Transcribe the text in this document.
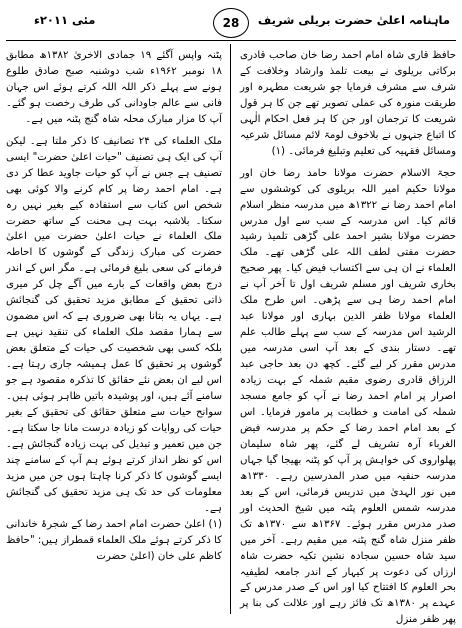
ماہنامہ اعلیٰ حضرت بریلی شریف
28
مئی ۲۰۱۱ء

حافظ قاری شاہ امام احمد رضا خان صاحب قادری برکاتی بریلوی نے بیعت تلمذ وارشاد وخلافت کے شرف سے مشرف فرمایا جو شریعت مطہرہ اور طریقت منورہ کی عملی تصویر تھے جن کا ہر قول شریعت کا ترجمان اور جن کا ہر فعل احکام الٰہی کا اتباع جنہوں نے بلاخوف لومۃ لائم مسائل شرعیہ ومسائل فقہیہ کی تعلیم وتبلیغ فرمائی۔ (۱)

حجۃ الاسلام حضرت مولانا حامد رضا خان اور مولانا حکیم امیر اللہ بریلوی کی کوششوں سے امام احمد رضا نے ۱۳۲۲ھ میں مدرسہ منظر اسلام قائم کیا۔ اس مدرسہ کے سب سے اول مدرس حضرت مولانا بشیر احمد علی گڑھی تلمیذ رشید حضرت مفتی لطف اللہ علی گڑھی تھے۔ ملک العلماء نے ان ہی سے اکتساب فیض کیا۔ پھر صحیح بخاری شریف اور مسلم شریف اول تا آخر آپ نے امام احمد رضا ہی سے پڑھی۔ اس طرح ملک العلماء مولانا ظفر الدین بہاری اور مولانا عبد الرشید اس مدرسہ کے سب سے پہلے طالب علم تھے۔ دستار بندی کے بعد آپ اسی مدرسہ میں مدرس مقرر کر لیے گئے۔ کچھ دن بعد حاجی عبد الرزاق قادری رضوی مقیم شملہ کے بہت زیادہ اصرار پر امام احمد رضا نے آپ کو جامع مسجد شملہ کی امامت و خطابت پر مامور فرمایا۔ اس کے بعد امام احمد رضا کے حکم پر مدرسہ فیض الغرباء آرہ تشریف لے گئے، پھر شاہ سلیمان پھلواروی کی خواہش پر آپ کو پٹنہ بھیجا گیا جہاں مدرسہ حنفیہ میں صدر المدرسین رہے۔ ۱۳۳۰ھ میں نور الہدیٰ میں تدریس فرمائی، اس کے بعد مدرسہ شمس العلوم پٹنہ میں شیخ الحدیث اور صدر مدرس مقرر ہوئے۔ ۱۳۶۷ھ سے ۱۳۷۰ھ تک ظفر منزل شاہ گنج پٹنہ میں مقیم رہے۔ آخر میں سید شاہ حسین سجادہ نشین تکیہ حضرت شاہ ارزاں کی دعوت پر کیہار کے اندر جامعہ لطیفیہ بحر العلوم کا افتتاح کیا اور اس کے صدر مدرس کے عہدے پر ۱۳۸۰ھ تک فائز رہے اور علالت کی بنا پر پھر ظفر منزل

پٹنہ واپس آگئے ۱۹ جمادی الاخریٰ ۱۳۸۲ھ مطابق ۱۸ نومبر ۱۹۶۲ء شب دوشنبہ صبح صادق طلوع ہونے سے پہلے ذکر اللہ اللہ کرتے ہوئے اس جہان فانی سے عالم جاودانی کی طرف رخصت ہو گئے۔ آپ کا مزار مبارک محلہ شاہ گنج پٹنہ میں ہے۔

ملک العلماء کی ۲۴ تصانیف کا ذکر ملتا ہے۔ لیکن آپ کی ایک ہی تصنیف "حیات اعلیٰ حضرت" ایسی تصنیف ہے جس نے آپ کو حیات جاوید عطا کر دی ہے۔ امام احمد رضا پر کام کرنے والا کوئی بھی شخص اس کتاب سے استفادہ کیے بغیر نہیں رہ سکتا۔ بلاشبہ بہت ہی محنت کے ساتھ حضرت ملک العلماء نے حیات اعلیٰ حضرت میں اعلیٰ حضرت کی مبارک زندگی کے گوشوں کا احاطہ فرمانے کی سعی بلیغ فرمائی ہے۔ مگر اس کے اندر درج بعض واقعات کے بارے میں آگے چل کر میری ذاتی تحقیق کے مطابق مزید تحقیق کی گنجائش ہے۔ یہاں یہ بتانا بھی ضروری ہے کہ اس مضمون سے ہمارا مقصد ملک العلماء کی تنقید نہیں ہے بلکہ کسی بھی شخصیت کی حیات کے متعلق بعض گوشوں پر تحقیق کا عمل ہمیشہ جاری رہتا ہے۔ اس لیے ان بعض نئے حقائق کا تذکرہ مقصود ہے جو سامنے آئے ہیں، اور پوشیدہ باتیں ظاہر ہوئی ہیں۔ سوانح حیات سے متعلق حقائق کی تحقیق کے بغیر حیات کی روایات کو زیادہ درست مانا جا سکتا ہے۔ جن میں تعمیر و تبدیل کی بہت زیادہ گنجائش ہے۔ اس کو نظر انداز کرتے ہوئے ہم آپ کے سامنے چند ایسے گوشوں کا ذکر کرنا چاہتا ہوں جن میں مزید معلومات کی حد تک ہی مزید تحقیق کی گنجائش ہے۔

(۱) اعلیٰ حضرت امام احمد رضا کے شجرۂ خاندانی کا ذکر کرتے ہوئے ملک العلماء قمطراز ہیں: "حافظ کاظم علی خان (اعلیٰ حضرت
